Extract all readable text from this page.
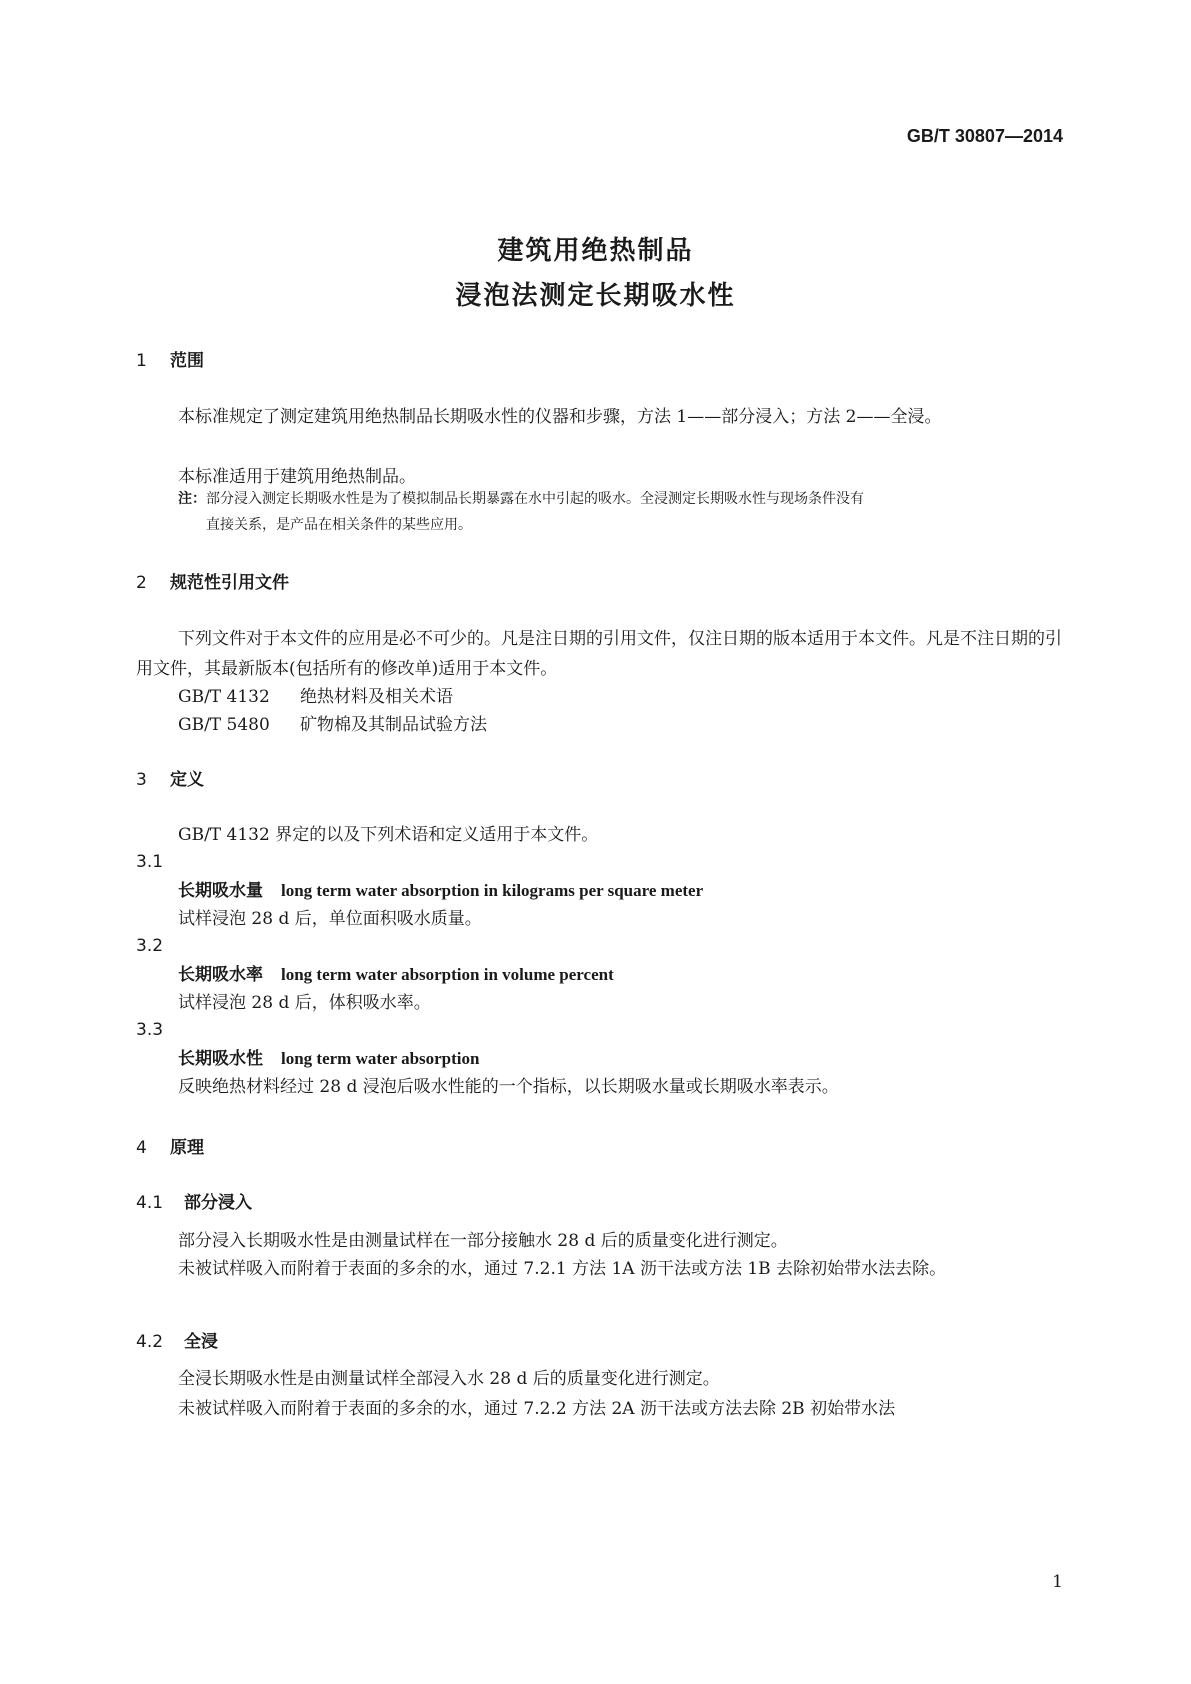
GB/T 30807—2014
建筑用绝热制品
浸泡法测定长期吸水性
1 范围
本标准规定了测定建筑用绝热制品长期吸水性的仪器和步骤，方法 1——部分浸入；方法 2——全浸。
本标准适用于建筑用绝热制品。
注：部分浸入测定长期吸水性是为了模拟制品长期暴露在水中引起的吸水。全浸测定长期吸水性与现场条件没有
直接关系，是产品在相关条件的某些应用。
2 规范性引用文件
下列文件对于本文件的应用是必不可少的。凡是注日期的引用文件，仅注日期的版本适用于本文件。凡是不注日期的引用文件，其最新版本(包括所有的修改单)适用于本文件。
GB/T 4132 绝热材料及相关术语
GB/T 5480 矿物棉及其制品试验方法
3 定义
GB/T 4132 界定的以及下列术语和定义适用于本文件。
3.1
长期吸水量 long term water absorption in kilograms per square meter
试样浸泡 28 d 后，单位面积吸水质量。
3.2
长期吸水率 long term water absorption in volume percent
试样浸泡 28 d 后，体积吸水率。
3.3
长期吸水性 long term water absorption
反映绝热材料经过 28 d 浸泡后吸水性能的一个指标，以长期吸水量或长期吸水率表示。
4 原理
4.1 部分浸入
部分浸入长期吸水性是由测量试样在一部分接触水 28 d 后的质量变化进行测定。
未被试样吸入而附着于表面的多余的水，通过 7.2.1 方法 1A 沥干法或方法 1B 去除初始带水法去除。
4.2 全浸
全浸长期吸水性是由测量试样全部浸入水 28 d 后的质量变化进行测定。
未被试样吸入而附着于表面的多余的水，通过 7.2.2 方法 2A 沥干法或方法去除 2B 初始带水法
1
